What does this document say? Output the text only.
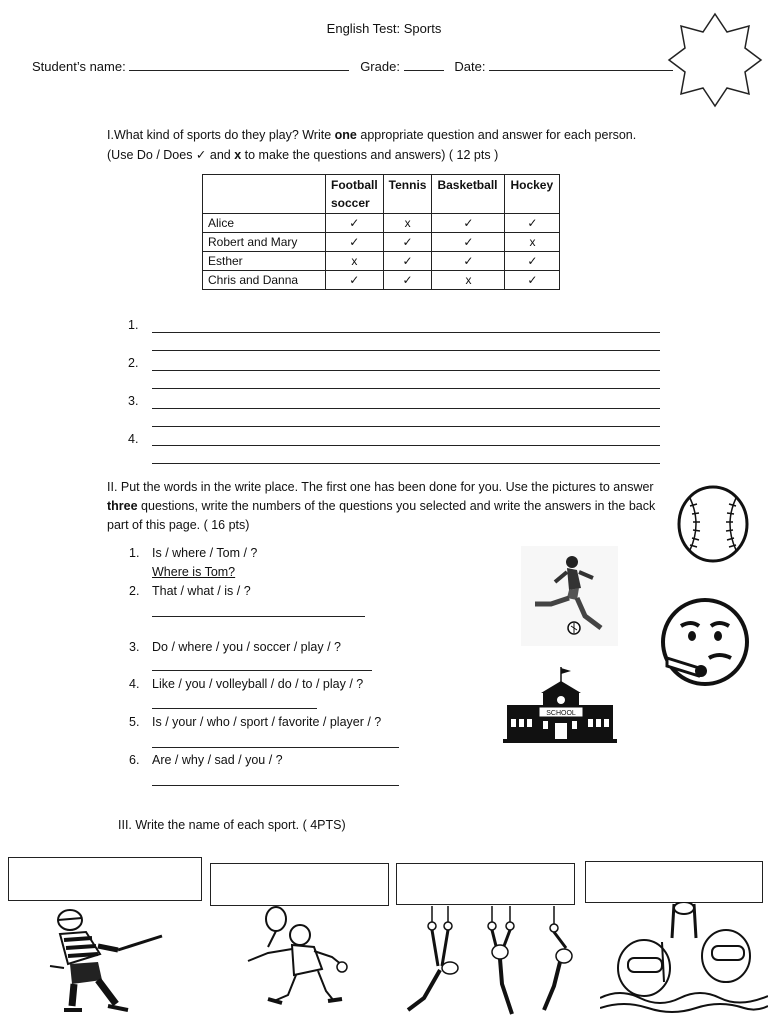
English Test: Sports
Student’s name:	Grade:	Date:
I.What kind of sports do they play? Write one appropriate question and answer for each person.
(Use Do / Does ✓ and x to make the questions and answers) ( 12 pts )
	Football soccer	Tennis	Basketball	Hockey
Alice	✓	x	✓	✓
Robert and Mary	✓	✓	✓	x
Esther	x	✓	✓	✓
Chris and Danna	✓	✓	x	✓
1.
2.
3.
4.
II. Put the words in the write place. The first one has been done for you. Use the pictures to answer three questions, write the numbers of the questions you selected and write the answers in the back part of this page. ( 16 pts)
1. Is / where / Tom / ?
Where is Tom?
2. That / what / is / ?
3. Do / where / you / soccer / play / ?
4. Like / you / volleyball / do / to / play / ?
5. Is / your / who / sport / favorite / player / ?
6. Are / why / sad / you / ?
SCHOOL
III. Write the name of each sport. ( 4PTS)
